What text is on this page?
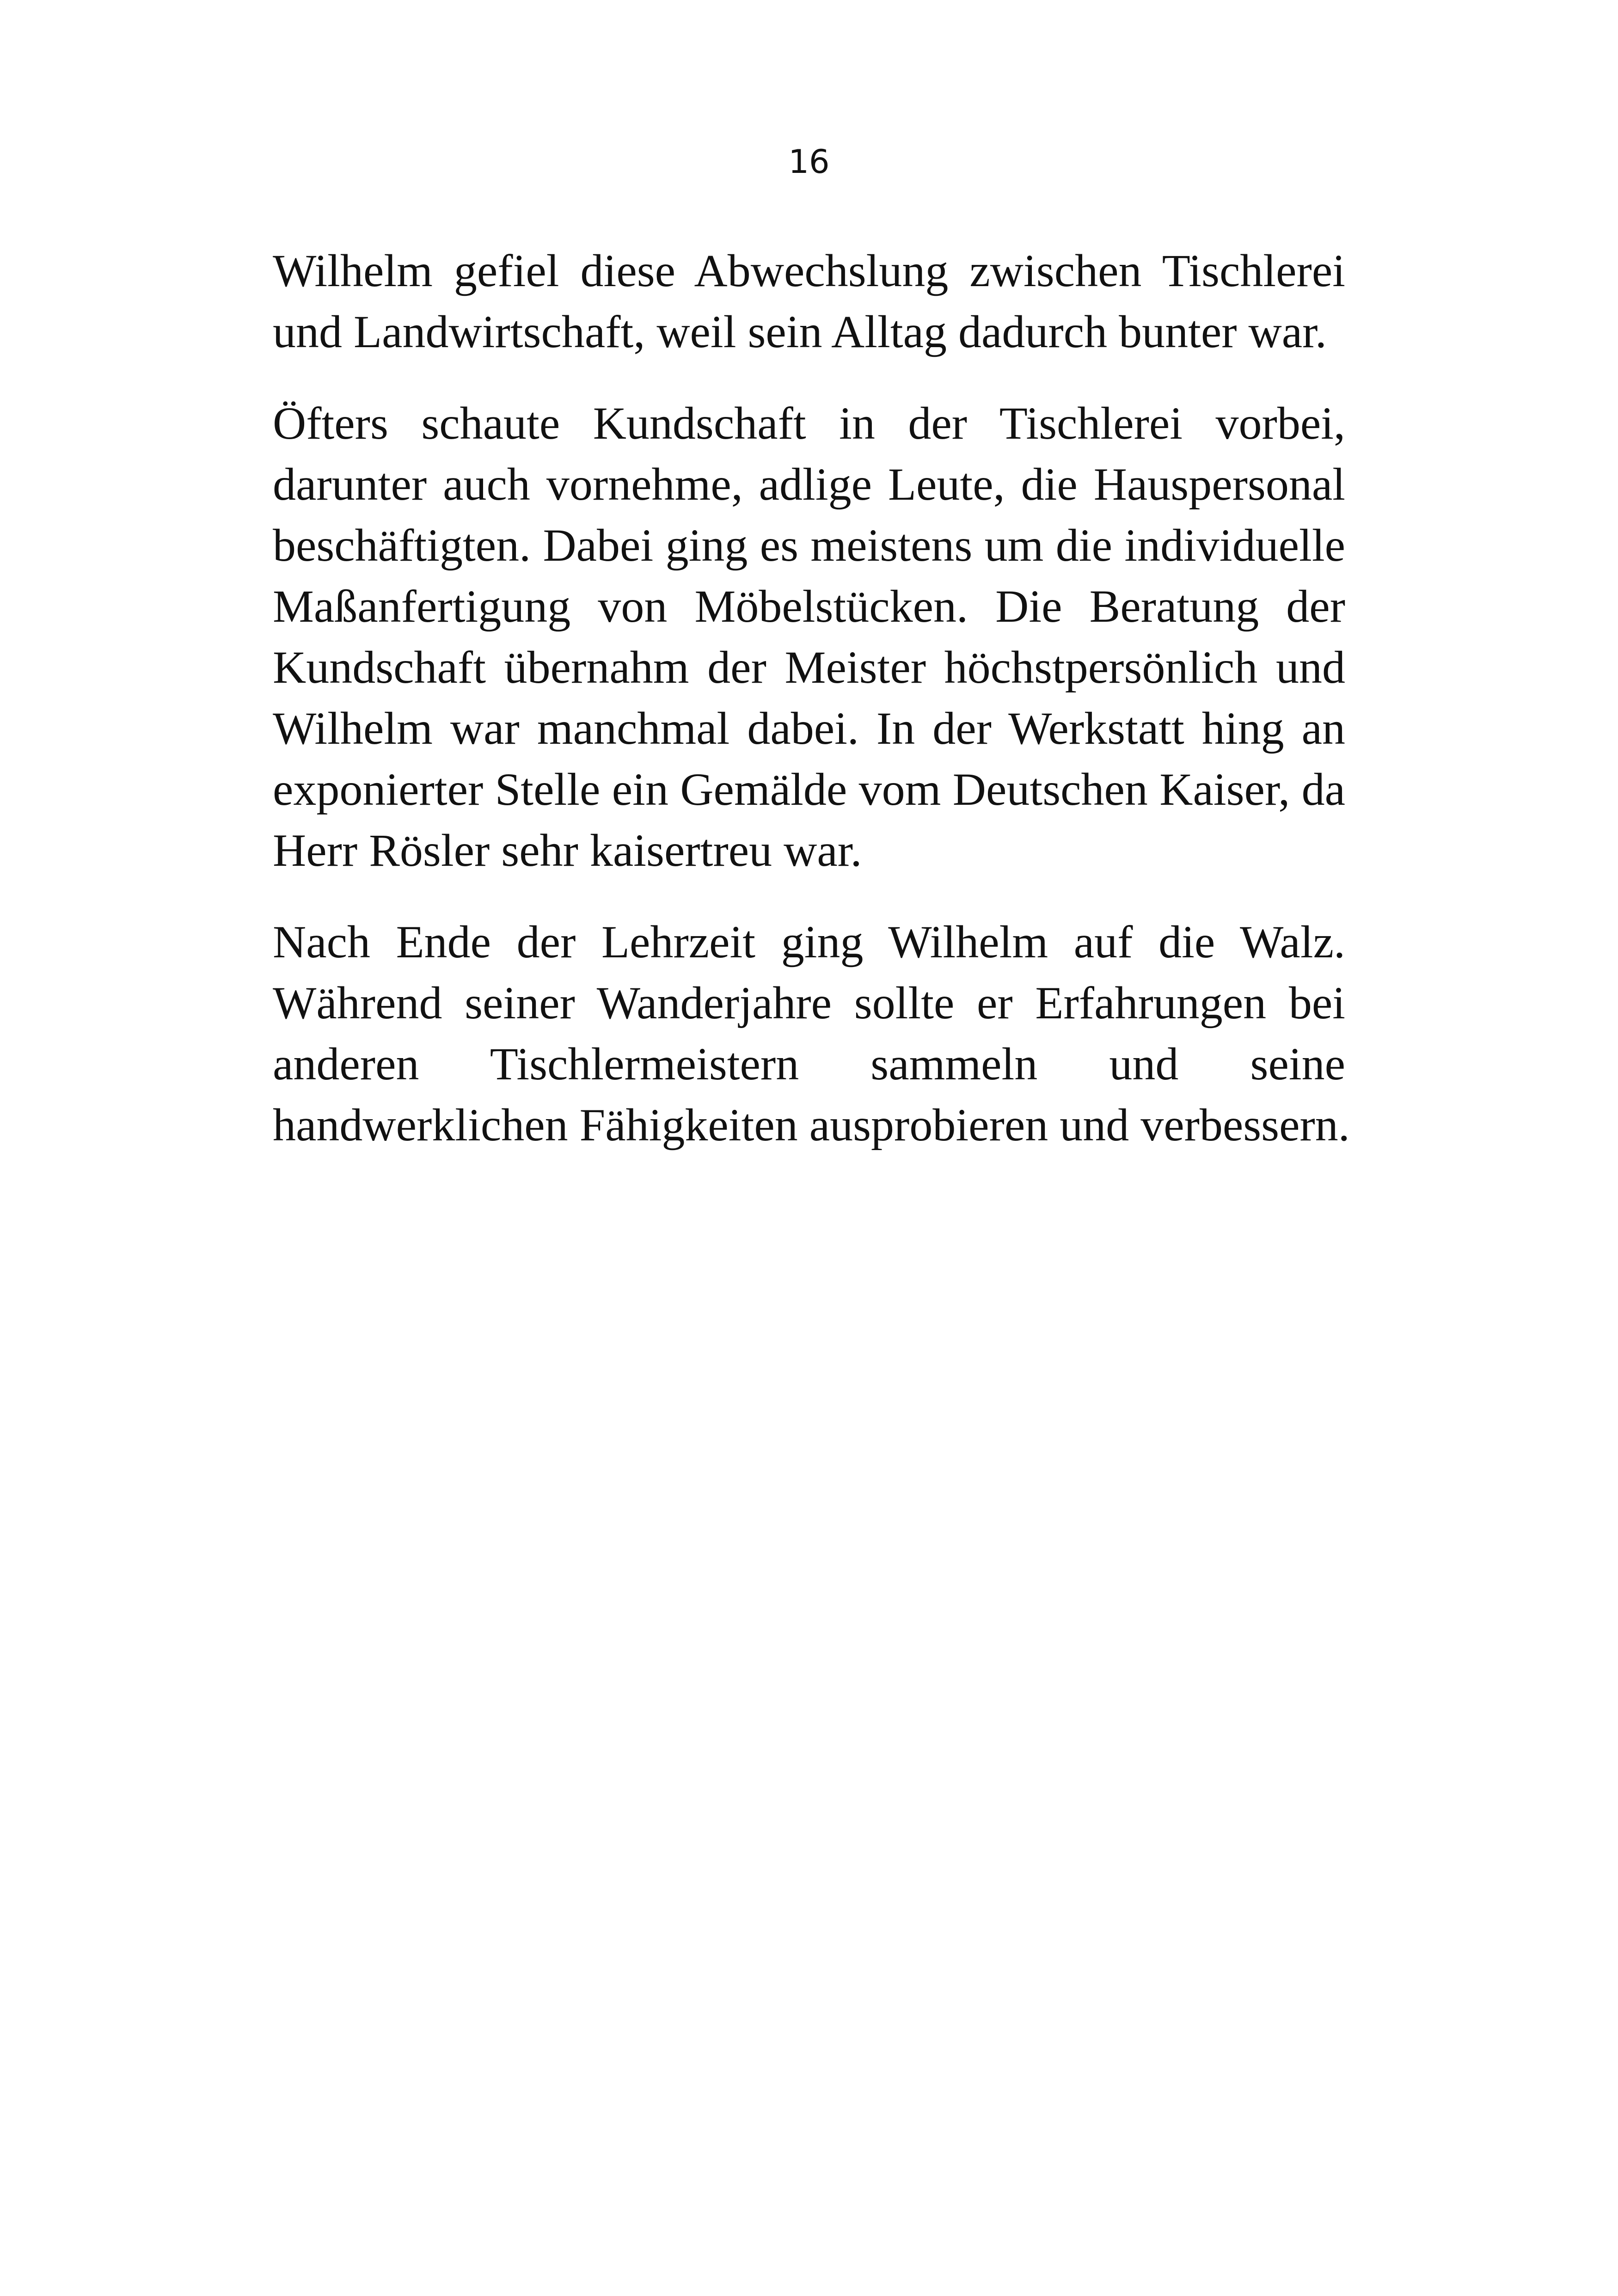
16

Wilhelm gefiel diese Abwechslung zwischen Tischlerei
und Landwirtschaft, weil sein Alltag dadurch bunter war.

Öfters schaute Kundschaft in der Tischlerei vorbei,
darunter auch vornehme, adlige Leute, die Hauspersonal
beschäftigten. Dabei ging es meistens um die individuelle
Maßanfertigung von Möbelstücken. Die Beratung der
Kundschaft übernahm der Meister höchstpersönlich und
Wilhelm war manchmal dabei. In der Werkstatt hing an
exponierter Stelle ein Gemälde vom Deutschen Kaiser, da
Herr Rösler sehr kaisertreu war.

Nach Ende der Lehrzeit ging Wilhelm auf die Walz.
Während seiner Wanderjahre sollte er Erfahrungen bei
anderen Tischlermeistern sammeln und seine
handwerklichen Fähigkeiten ausprobieren und verbessern.
